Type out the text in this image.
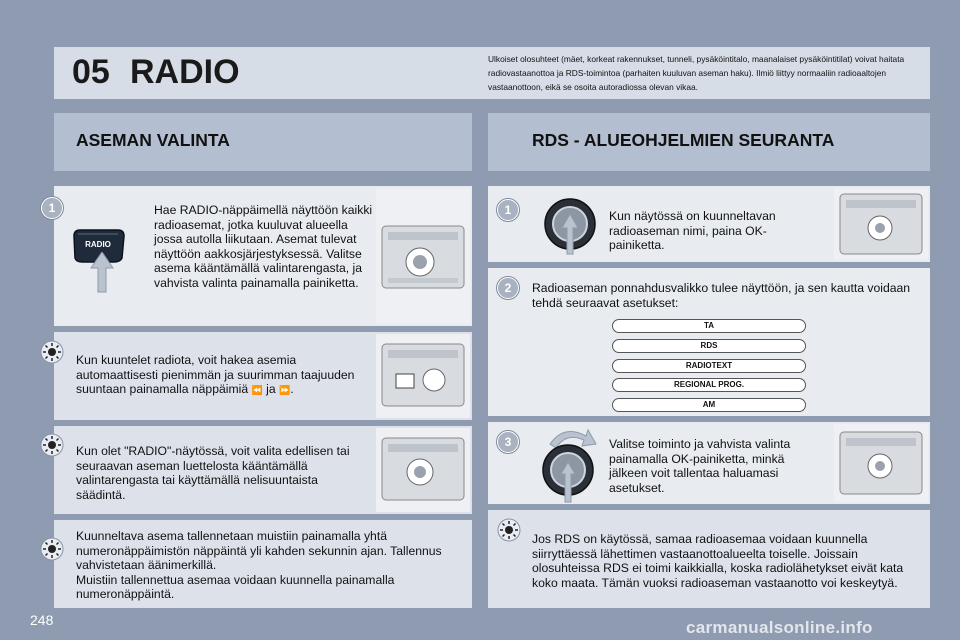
05 RADIO	Ulkoiset olosuhteet (mäet, korkeat rakennukset, tunneli, pysäköintitalo, maanalaiset pysäköintitilat) voivat haitata radiovastaanottoa ja RDS-toimintoa (parhaiten kuuluvan aseman haku). Ilmiö liittyy normaaliin radioaaltojen vastaanottoon, eikä se osoita autoradiossa olevan vikaa.
ASEMAN VALINTA	RDS - ALUEOHJELMIEN SEURANTA
1
RADIO
Hae RADIO-näppäimellä näyttöön kaikki radioasemat, jotka kuuluvat alueella jossa autolla liikutaan. Asemat tulevat näyttöön aakkosjärjestyksessä. Valitse asema kääntämällä valintarengasta, ja vahvista valinta painamalla painiketta.
Kun kuuntelet radiota, voit hakea asemia automaattisesti pienimmän ja suurimman taajuuden suuntaan painamalla näppäimiä ⏪ ja ⏩.
Kun olet "RADIO"-näytössä, voit valita edellisen tai seuraavan aseman luettelosta kääntämällä valintarengasta tai käyttämällä nelisuuntaista säädintä.

Kuunneltava asema tallennetaan muistiin painamalla yhtä numeronäppäimistön näppäintä yli kahden sekunnin ajan. Tallennus vahvistetaan äänimerkillä.

Muistiin tallennettua asemaa voidaan kuunnella painamalla numeronäppäintä.

1	Kun näytössä on kuunneltavan radioaseman nimi, paina OK-painiketta.
2	Radioaseman ponnahdusvalikko tulee näyttöön, ja sen kautta voidaan tehdä seuraavat asetukset:
TA
RDS
RADIOTEXT
REGIONAL PROG.
AM
3	Valitse toiminto ja vahvista valinta painamalla OK-painiketta, minkä jälkeen voit tallentaa haluamasi asetukset.
Jos RDS on käytössä, samaa radioasemaa voidaan kuunnella siirryttäessä lähettimen vastaanottoalueelta toiselle. Joissain olosuhteissa RDS ei toimi kaikkialla, koska radiolähetykset eivät kata koko maata. Tämän vuoksi radioaseman vastaanotto voi keskeytyä.
248	carmanualsonline.info
